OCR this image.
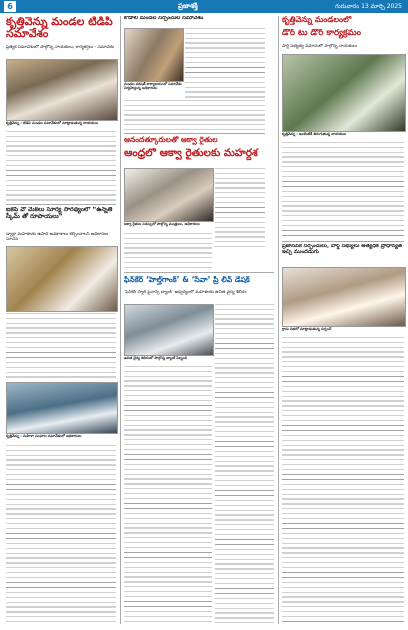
6	ప్రజాశక్తి	గురువారం 13 మార్చి 2025
కృత్తివెన్ను మండల టిడిపి సమావేశం
ప్రత్యేక సమావేశంలో పాల్గొన్న నాయకులు, కార్యకర్తలు - సమావేశం
కృత్తివెన్ను : టిడిపి మండల సమావేశంలో మాట్లాడుతున్న నాయకులు
ఐకెపి వో మేకలు సూర్య సారథ్యంలో “ఉన్నతి స్కీమ్ తో రూపాయలు”
డ్వాక్రా మహిళలకు ఉపాధి అవకాశాలు కల్పించాలని అధికారుల సూచన
కృత్తివెన్ను : మహిళా సంఘాల సమావేశంలో అధికారులు
కొడాలి మండల సర్పంచుల సమావేశం
మండల పరిషత్ కార్యాలయంలో సమావేశం నిర్వహిస్తున్న అధికారులు
ఆనందత్కూరులతో ఆక్వా రైతుల
ఆంధ్రలో ఆక్వా రైతులకు మహర్దశ
ఆక్వా రైతుల సదస్సులో పాల్గొన్న మంత్రులు, అధికారులు
ఫిన్‌కేర్ ‘హెల్త్‌గాంక్’ & ‘సేవా’ ప్రీ లీవ్ డేషక్
‘ఫిన్‌కేర్ స్మాల్ ఫైనాన్స్ బ్యాంక్’ ఆధ్వర్యంలో మహిళలకు ఉచిత వైద్య శిబిరం
ఉచిత వైద్య శిబిరంలో పాల్గొన్న బ్యాంక్ సిబ్బంది
కృత్తివెన్ను మండలంలో
డోర్ టు డోర్ కార్యక్రమం
పార్టీ సభ్యత్వ నమోదులో పాల్గొన్న నాయకులు
కృత్తివెన్ను : ఇంటింటికీ తిరుగుతున్న నాయకులు
ప్రజాసేవకే సర్పంచులు, వార్డ్ సభ్యులు అత్యధిక ప్రాధాన్యత ఇచ్చి ముందడుగు
గ్రామ సభలో మాట్లాడుతున్న సర్పంచ్
